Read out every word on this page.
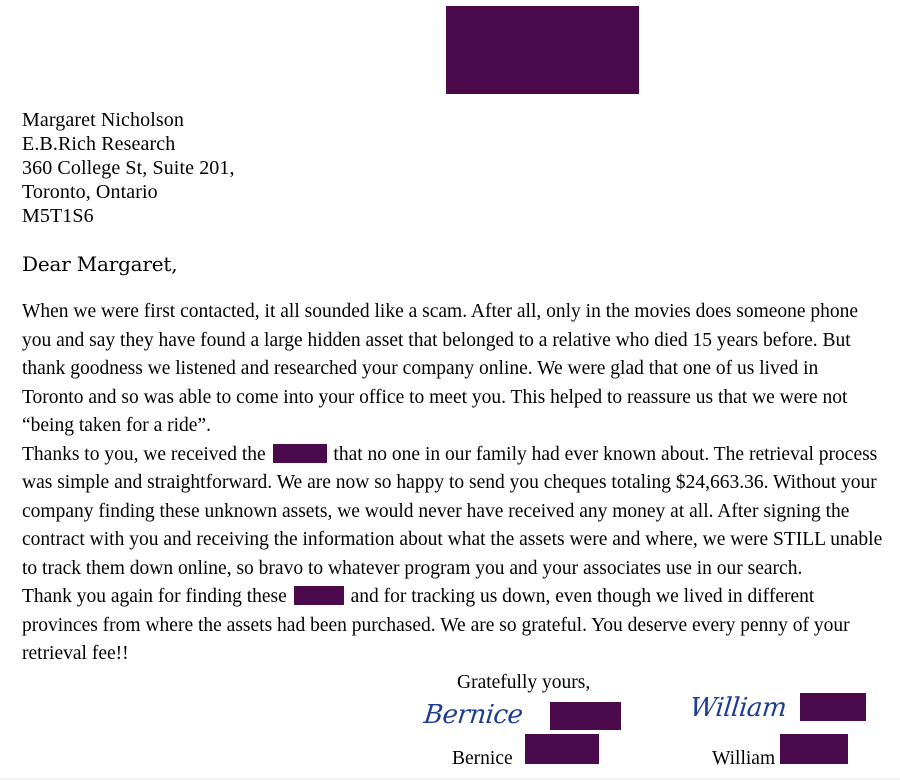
Margaret Nicholson
E.B.Rich Research
360 College St, Suite 201,
Toronto, Ontario
M5T1S6
Dear Margaret,

When we were first contacted, it all sounded like a scam. After all, only in the movies does someone phone you and say they have found a large hidden asset that belonged to a relative who died 15 years before. But thank goodness we listened and researched your company online. We were glad that one of us lived in Toronto and so was able to come into your office to meet you. This helped to reassure us that we were not “being taken for a ride”.

Thanks to you, we received the	that no one in our family had ever known about. The retrieval process was simple and straightforward. We are now so happy to send you cheques totaling $24,663.36. Without your company finding these unknown assets, we would never have received any money at all. After signing the contract with you and receiving the information about what the assets were and where, we were STILL unable to track them down online, so bravo to whatever program you and your associates use in our search.

Thank you again for finding these	and for tracking us down, even though we lived in different provinces from where the assets had been purchased. We are so grateful. You deserve every penny of your retrieval fee!!

Gratefully yours,
Bernice	William
Bernice	William
